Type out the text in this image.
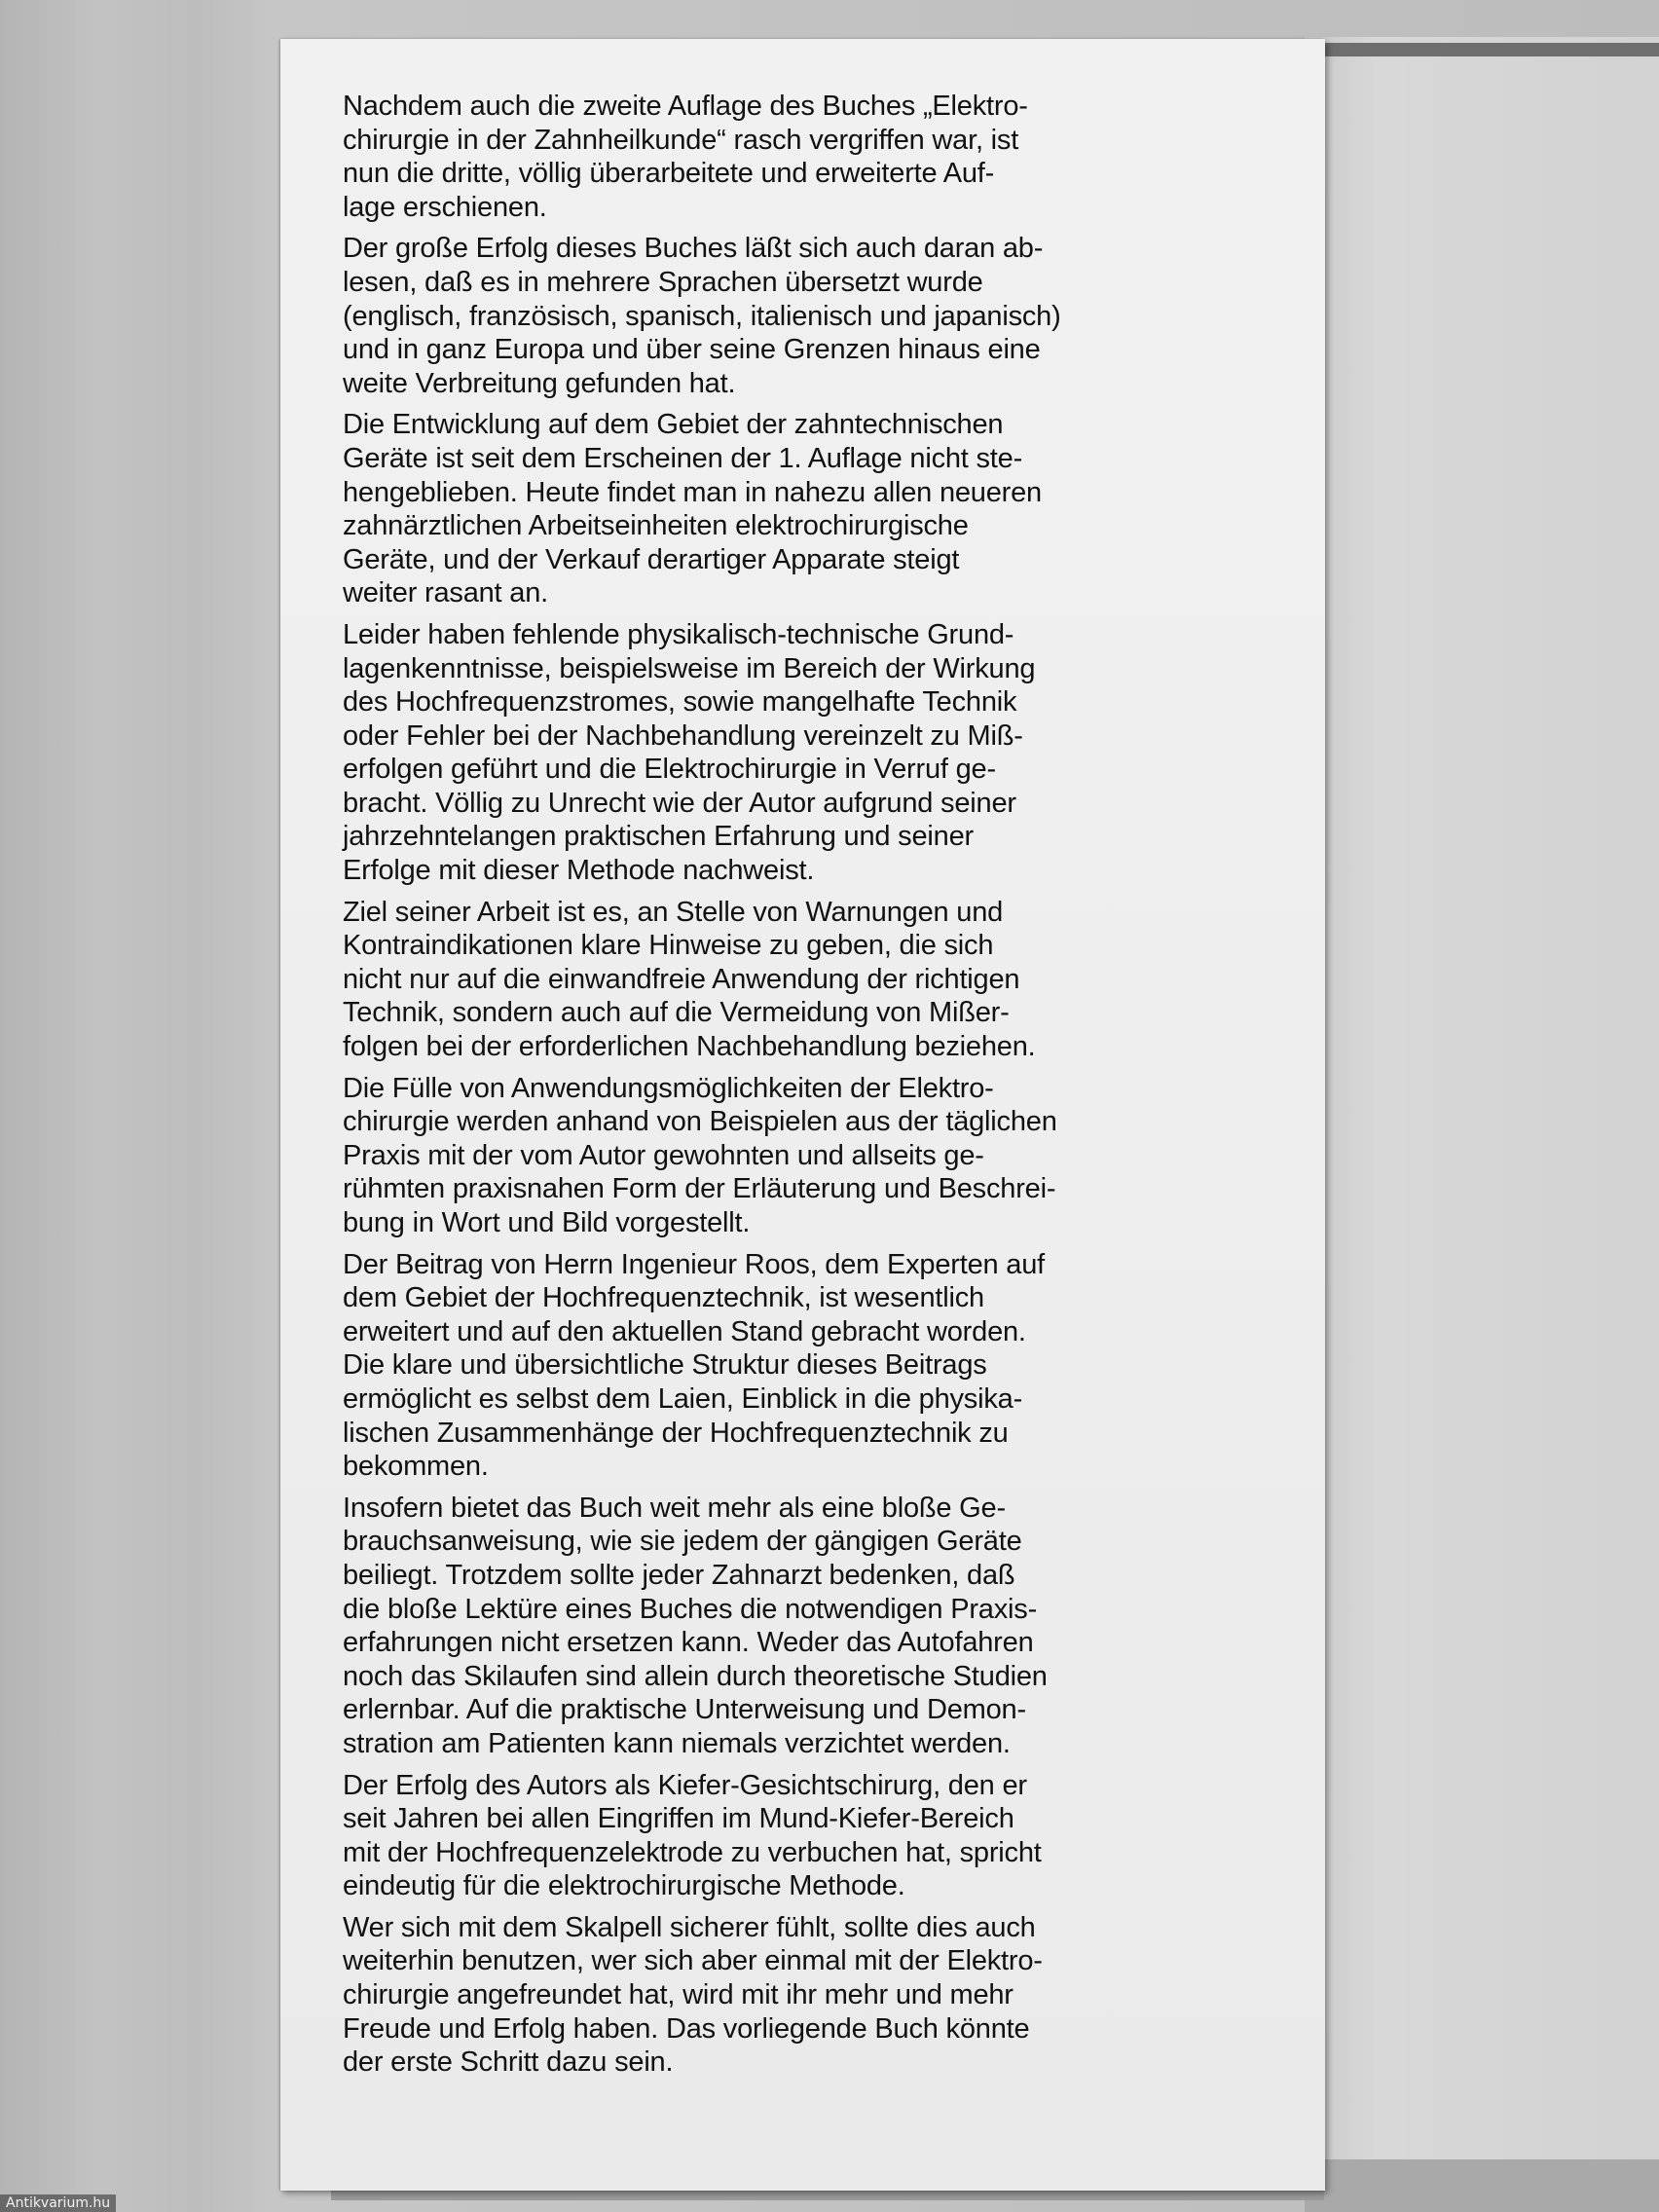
Nachdem auch die zweite Auflage des Buches „Elektro-
chirurgie in der Zahnheilkunde“ rasch vergriffen war, ist
nun die dritte, völlig überarbeitete und erweiterte Auf-
lage erschienen.

Der große Erfolg dieses Buches läßt sich auch daran ab-
lesen, daß es in mehrere Sprachen übersetzt wurde
(englisch, französisch, spanisch, italienisch und japanisch)
und in ganz Europa und über seine Grenzen hinaus eine
weite Verbreitung gefunden hat.

Die Entwicklung auf dem Gebiet der zahntechnischen
Geräte ist seit dem Erscheinen der 1. Auflage nicht ste-
hengeblieben. Heute findet man in nahezu allen neueren
zahnärztlichen Arbeitseinheiten elektrochirurgische
Geräte, und der Verkauf derartiger Apparate steigt
weiter rasant an.

Leider haben fehlende physikalisch-technische Grund-
lagenkenntnisse, beispielsweise im Bereich der Wirkung
des Hochfrequenzstromes, sowie mangelhafte Technik
oder Fehler bei der Nachbehandlung vereinzelt zu Miß-
erfolgen geführt und die Elektrochirurgie in Verruf ge-
bracht. Völlig zu Unrecht wie der Autor aufgrund seiner
jahrzehntelangen praktischen Erfahrung und seiner
Erfolge mit dieser Methode nachweist.

Ziel seiner Arbeit ist es, an Stelle von Warnungen und
Kontraindikationen klare Hinweise zu geben, die sich
nicht nur auf die einwandfreie Anwendung der richtigen
Technik, sondern auch auf die Vermeidung von Mißer-
folgen bei der erforderlichen Nachbehandlung beziehen.

Die Fülle von Anwendungsmöglichkeiten der Elektro-
chirurgie werden anhand von Beispielen aus der täglichen
Praxis mit der vom Autor gewohnten und allseits ge-
rühmten praxisnahen Form der Erläuterung und Beschrei-
bung in Wort und Bild vorgestellt.

Der Beitrag von Herrn Ingenieur Roos, dem Experten auf
dem Gebiet der Hochfrequenztechnik, ist wesentlich
erweitert und auf den aktuellen Stand gebracht worden.
Die klare und übersichtliche Struktur dieses Beitrags
ermöglicht es selbst dem Laien, Einblick in die physika-
lischen Zusammenhänge der Hochfrequenztechnik zu
bekommen.

Insofern bietet das Buch weit mehr als eine bloße Ge-
brauchsanweisung, wie sie jedem der gängigen Geräte
beiliegt. Trotzdem sollte jeder Zahnarzt bedenken, daß
die bloße Lektüre eines Buches die notwendigen Praxis-
erfahrungen nicht ersetzen kann. Weder das Autofahren
noch das Skilaufen sind allein durch theoretische Studien
erlernbar. Auf die praktische Unterweisung und Demon-
stration am Patienten kann niemals verzichtet werden.

Der Erfolg des Autors als Kiefer-Gesichtschirurg, den er
seit Jahren bei allen Eingriffen im Mund-Kiefer-Bereich
mit der Hochfrequenzelektrode zu verbuchen hat, spricht
eindeutig für die elektrochirurgische Methode.

Wer sich mit dem Skalpell sicherer fühlt, sollte dies auch
weiterhin benutzen, wer sich aber einmal mit der Elektro-
chirurgie angefreundet hat, wird mit ihr mehr und mehr
Freude und Erfolg haben. Das vorliegende Buch könnte
der erste Schritt dazu sein.

Antikvarium.hu
